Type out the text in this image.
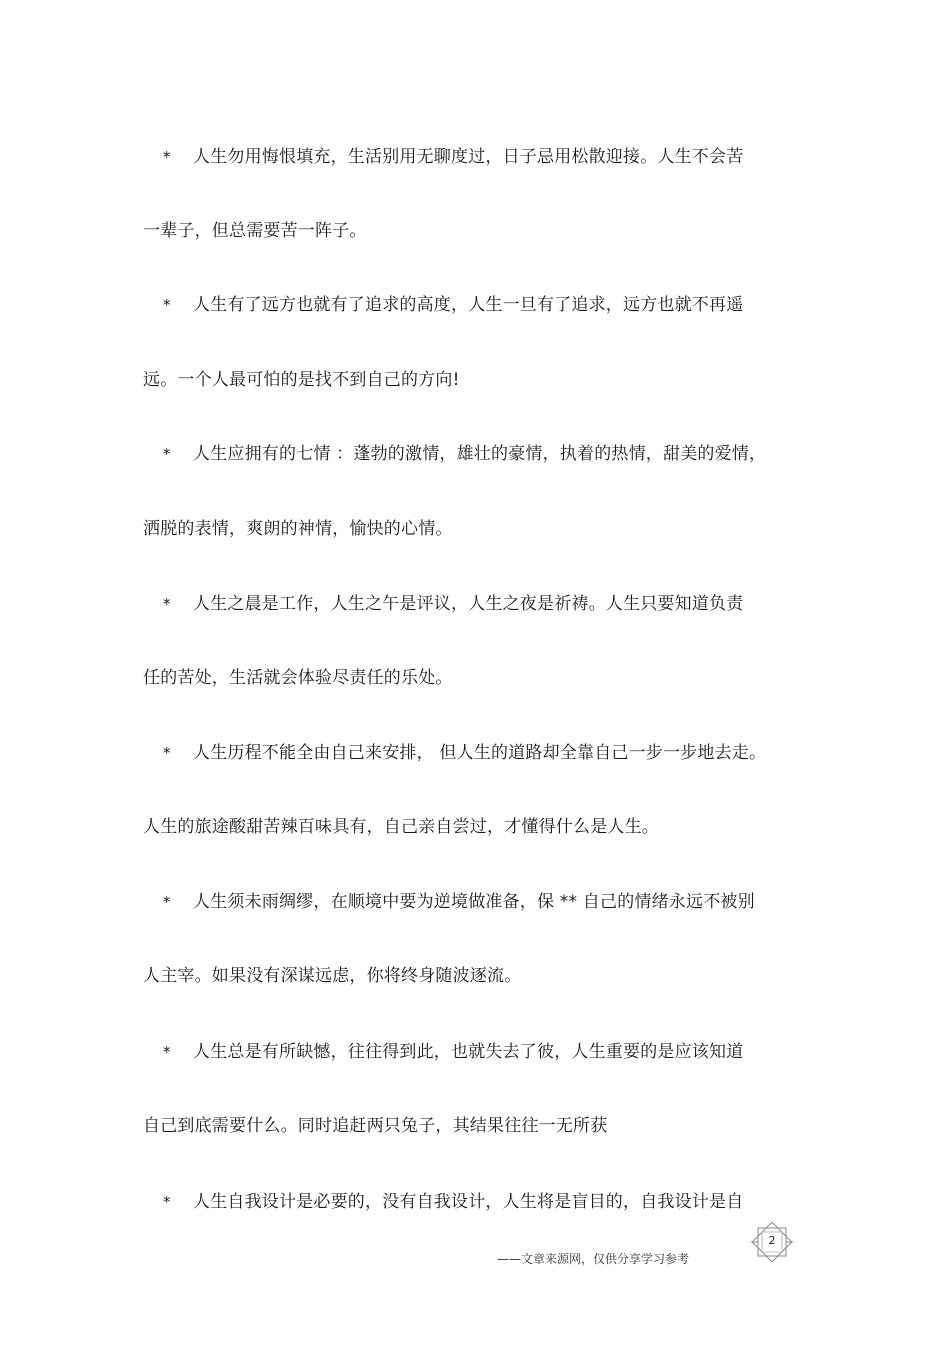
* 人生勿用悔恨填充，生活别用无聊度过，日子忌用松散迎接。人生不会苦
一辈子，但总需要苦一阵子。
* 人生有了远方也就有了追求的高度，人生一旦有了追求，远方也就不再遥
远。一个人最可怕的是找不到自己的方向!
* 人生应拥有的七情 ：蓬勃的激情，雄壮的豪情，执着的热情，甜美的爱情，
洒脱的表情，爽朗的神情，愉快的心情。
* 人生之晨是工作，人生之午是评议，人生之夜是祈祷。人生只要知道负责
任的苦处，生活就会体验尽责任的乐处。
* 人生历程不能全由自己来安排， 但人生的道路却全靠自己一步一步地去走。
人生的旅途酸甜苦辣百味具有，自己亲自尝过，才懂得什么是人生。
* 人生须未雨绸缪，在顺境中要为逆境做准备，保 ** 自己的情绪永远不被别
人主宰。如果没有深谋远虑，你将终身随波逐流。
* 人生总是有所缺憾，往往得到此，也就失去了彼，人生重要的是应该知道
自己到底需要什么。同时追赶两只兔子，其结果往往一无所获
* 人生自我设计是必要的，没有自我设计，人生将是盲目的，自我设计是自
——文章来源网，仅供分享学习参考
2
